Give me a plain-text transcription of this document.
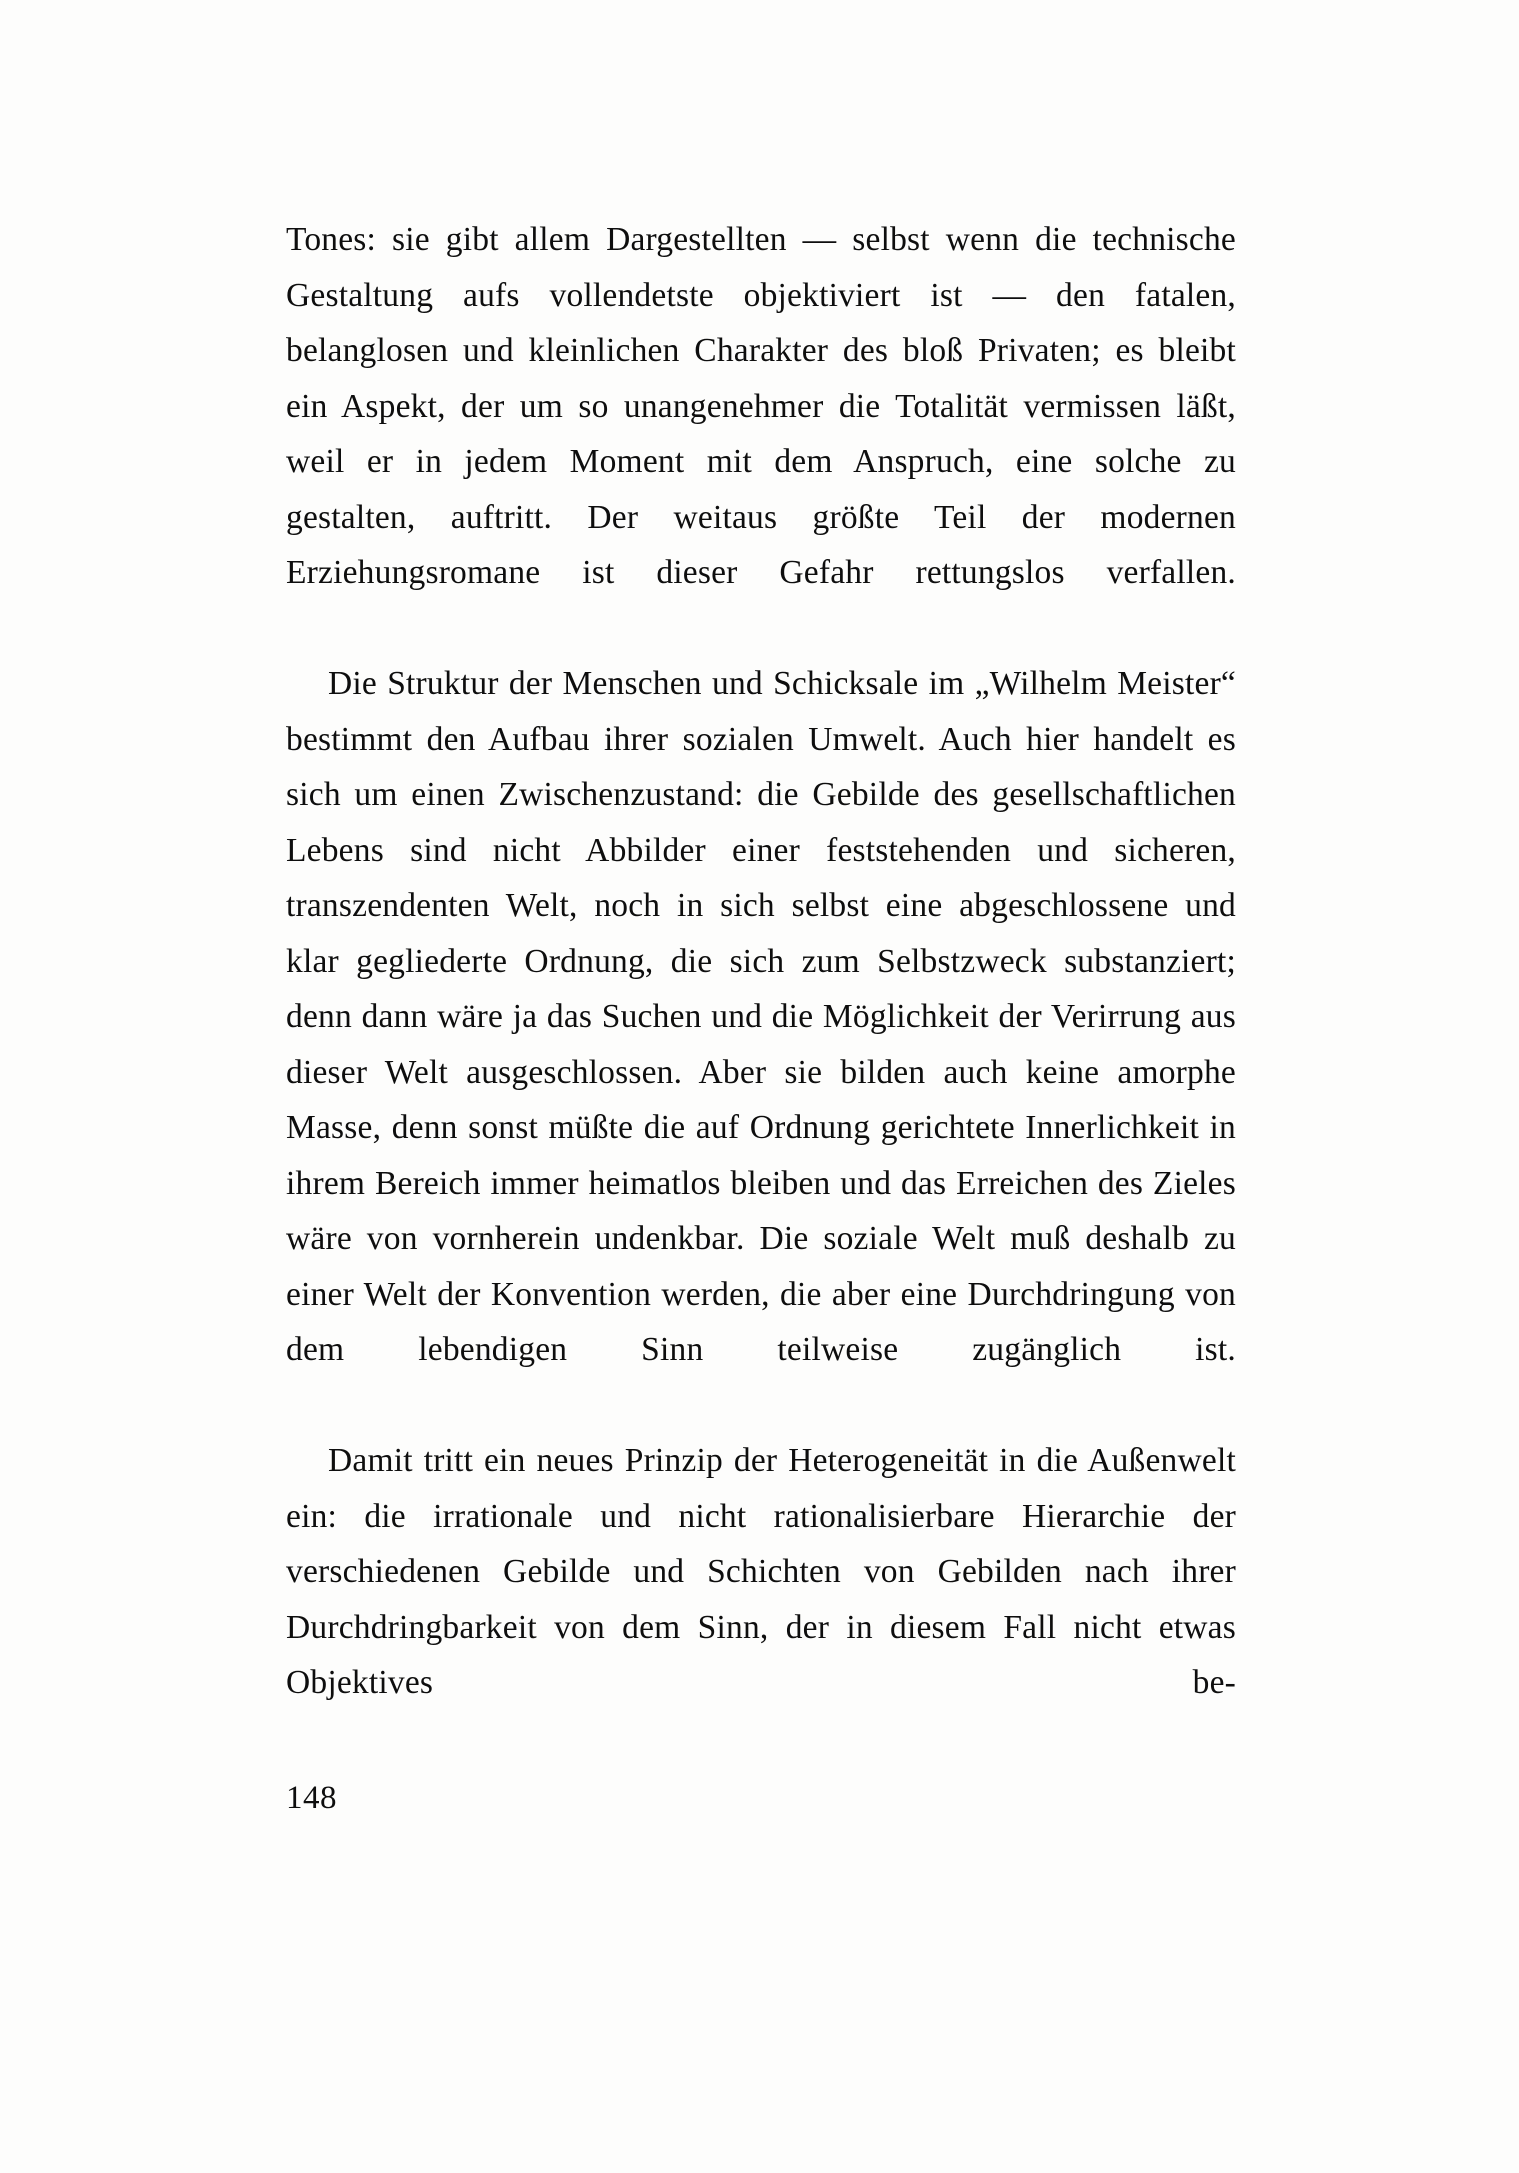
Tones: sie gibt allem Dargestellten — selbst wenn die technische Gestaltung aufs vollendetste objektiviert ist — den fatalen, belanglosen und kleinlichen Charakter des bloß Privaten; es bleibt ein Aspekt, der um so unangenehmer die Totalität vermissen läßt, weil er in jedem Moment mit dem Anspruch, eine solche zu gestalten, auftritt. Der weitaus größte Teil der modernen Erziehungsromane ist dieser Gefahr rettungslos verfallen.

Die Struktur der Menschen und Schicksale im „Wilhelm Meister“ bestimmt den Aufbau ihrer sozialen Umwelt. Auch hier handelt es sich um einen Zwischenzustand: die Gebilde des gesellschaftlichen Lebens sind nicht Abbilder einer feststehenden und sicheren, transzendenten Welt, noch in sich selbst eine abgeschlossene und klar gegliederte Ordnung, die sich zum Selbstzweck substanziert; denn dann wäre ja das Suchen und die Möglichkeit der Verirrung aus dieser Welt ausgeschlossen. Aber sie bilden auch keine amorphe Masse, denn sonst müßte die auf Ordnung gerichtete Innerlichkeit in ihrem Bereich immer heimatlos bleiben und das Erreichen des Zieles wäre von vornherein undenkbar. Die soziale Welt muß deshalb zu einer Welt der Konvention werden, die aber eine Durchdringung von dem lebendigen Sinn teilweise zugänglich ist.

Damit tritt ein neues Prinzip der Heterogeneität in die Außenwelt ein: die irrationale und nicht rationalisierbare Hierarchie der verschiedenen Gebilde und Schichten von Gebilden nach ihrer Durchdringbarkeit von dem Sinn, der in diesem Fall nicht etwas Objektives be-

148
